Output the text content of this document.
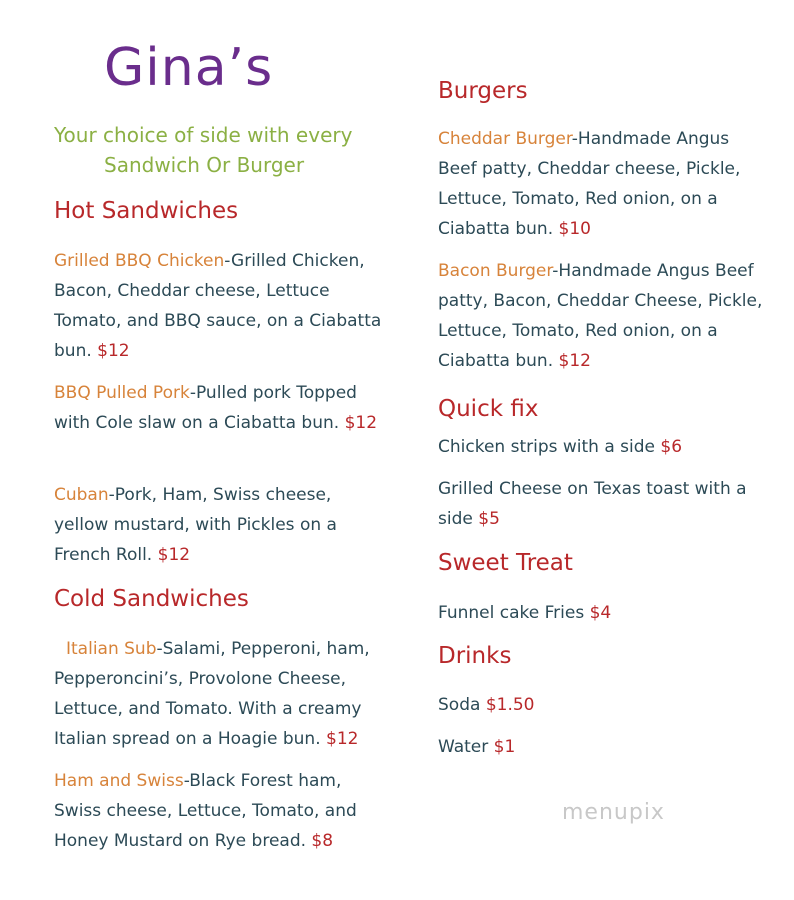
Gina’s

Your choice of side with every
Sandwich Or Burger

Hot Sandwiches

Grilled BBQ Chicken-Grilled Chicken, Bacon, Cheddar cheese, Lettuce Tomato, and BBQ sauce, on a Ciabatta bun. $12

BBQ Pulled Pork-Pulled pork Topped with Cole slaw on a Ciabatta bun. $12

Cuban-Pork, Ham, Swiss cheese, yellow mustard, with Pickles on a French Roll. $12

Cold Sandwiches

Italian Sub-Salami, Pepperoni, ham, Pepperoncini’s, Provolone Cheese, Lettuce, and Tomato. With a creamy Italian spread on a Hoagie bun. $12

Ham and Swiss-Black Forest ham, Swiss cheese, Lettuce, Tomato, and Honey Mustard on Rye bread. $8

Burgers

Cheddar Burger-Handmade Angus Beef patty, Cheddar cheese, Pickle, Lettuce, Tomato, Red onion, on a Ciabatta bun. $10

Bacon Burger-Handmade Angus Beef patty, Bacon, Cheddar Cheese, Pickle, Lettuce, Tomato, Red onion, on a Ciabatta bun. $12

Quick fix

Chicken strips with a side $6

Grilled Cheese on Texas toast with a side $5

Sweet Treat

Funnel cake Fries $4

Drinks

Soda $1.50

Water $1

menupix
